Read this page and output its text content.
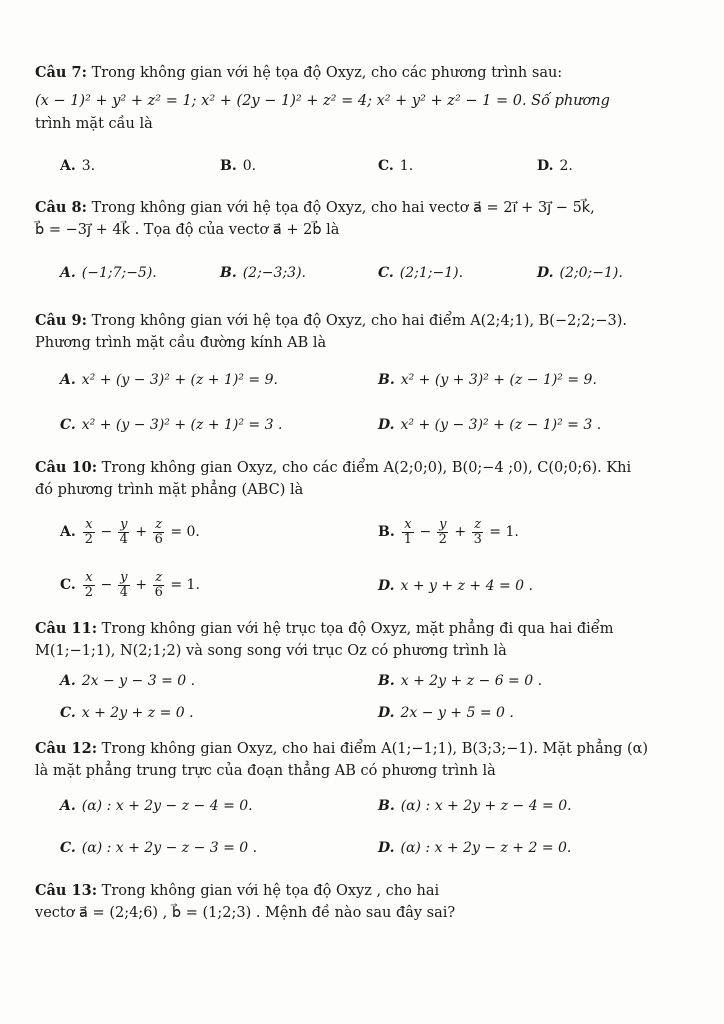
Câu 7: Trong không gian với hệ tọa độ Oxyz, cho các phương trình sau:
(x − 1)² + y² + z² = 1; x² + (2y − 1)² + z² = 4; x² + y² + z² − 1 = 0. Số phương
trình mặt cầu là
A. 3.	B. 0.	C. 1.	D. 2.
Câu 8: Trong không gian với hệ tọa độ Oxyz, cho hai vectơ a⃗ = 2i⃗ + 3j⃗ − 5k⃗,
b⃗ = −3j⃗ + 4k⃗ . Tọa độ của vectơ a⃗ + 2b⃗ là
A. (−1;7;−5).	B. (2;−3;3).	C. (2;1;−1).	D. (2;0;−1).
Câu 9: Trong không gian với hệ tọa độ Oxyz, cho hai điểm A(2;4;1), B(−2;2;−3).
Phương trình mặt cầu đường kính AB là
A. x² + (y − 3)² + (z + 1)² = 9.	B. x² + (y + 3)² + (z − 1)² = 9.
C. x² + (y − 3)² + (z + 1)² = 3 .	D. x² + (y − 3)² + (z − 1)² = 3 .
Câu 10: Trong không gian Oxyz, cho các điểm A(2;0;0), B(0;−4 ;0), C(0;0;6). Khi
đó phương trình mặt phẳng (ABC) là
A. $\frac{x}{2} - \frac{y}{4} + \frac{z}{6} = 0$.	B. $\frac{x}{1} - \frac{y}{2} + \frac{z}{3} = 1$.
C. $\frac{x}{2} - \frac{y}{4} + \frac{z}{6} = 1$.	D. x + y + z + 4 = 0 .
Câu 11: Trong không gian với hệ trục tọa độ Oxyz, mặt phẳng đi qua hai điểm
M(1;−1;1), N(2;1;2) và song song với trục Oz có phương trình là
A. 2x − y − 3 = 0 .	B. x + 2y + z − 6 = 0 .
C. x + 2y + z = 0 .	D. 2x − y + 5 = 0 .
Câu 12: Trong không gian Oxyz, cho hai điểm A(1;−1;1), B(3;3;−1). Mặt phẳng (α)
là mặt phẳng trung trực của đoạn thẳng AB có phương trình là
A. (α) : x + 2y − z − 4 = 0.	B. (α) : x + 2y + z − 4 = 0.
C. (α) : x + 2y − z − 3 = 0 .	D. (α) : x + 2y − z + 2 = 0.
Câu 13: Trong không gian với hệ tọa độ Oxyz , cho hai
vectơ a⃗ = (2;4;6) , b⃗ = (1;2;3) . Mệnh đề nào sau đây sai?
